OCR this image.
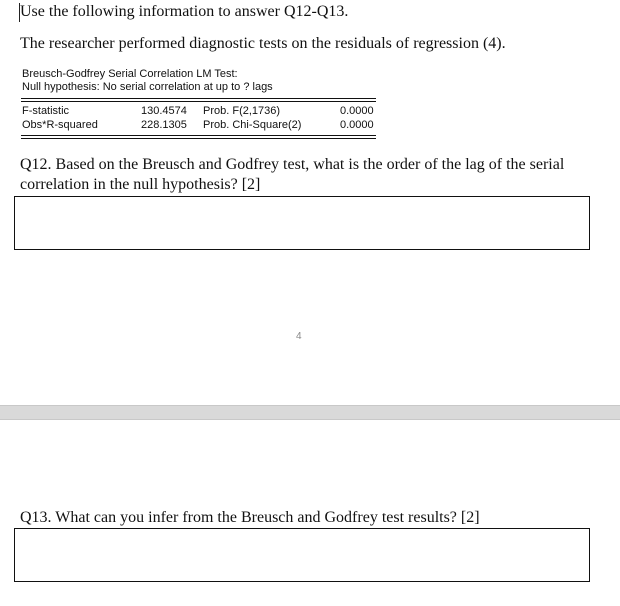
Use the following information to answer Q12-Q13.
The researcher performed diagnostic tests on the residuals of regression (4).
Breusch-Godfrey Serial Correlation LM Test:
Null hypothesis: No serial correlation at up to ? lags
F-statistic	130.4574 Prob. F(2,1736)	0.0000
Obs*R-squared	228.1305 Prob. Chi-Square(2)	0.0000
Q12. Based on the Breusch and Godfrey test, what is the order of the lag of the serial
correlation in the null hypothesis? [2]
4
Q13. What can you infer from the Breusch and Godfrey test results? [2]
